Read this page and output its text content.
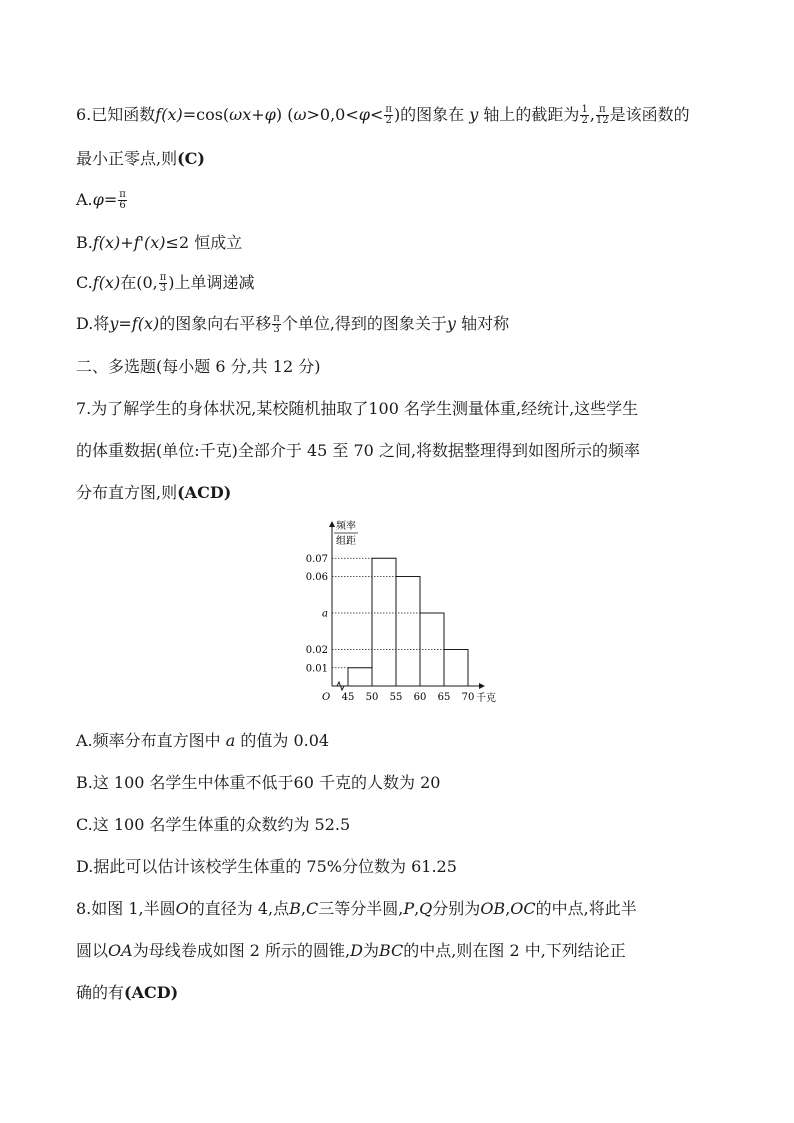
6.已知函数f(x)=cos(ωx+φ) ($\omega>0,0<\varphi< \frac{\pi}{2}$ )的图象在 y 轴上的截距为 $\frac{1}{2}$ , $\frac{\pi}{12}$ 是该函数的
最小正零点,则(C)
$A.\varphi= \frac{\pi}{6}$
B.f(x)+f'(x)≤2 恒成立
C.f(x)在(0, $\frac{\pi}{3}$ )上单调递减
D.将y=f(x)的图象向右平移 $\frac{\pi}{3}$ 个单位,得到的图象关于y 轴对称
二、多选题(每小题 6 分,共 12 分)
7.为了解学生的身体状况,某校随机抽取了100 名学生测量体重,经统计,这些学生
的体重数据(单位:千克)全部介于 45 至 70 之间,将数据整理得到如图所示的频率
分布直方图,则(ACD)
0.07
0.06
a
0.02
0.01
45 50 55 60 65 70
O	千克
频率
组距
A.频率分布直方图中 a 的值为 0.04
B.这 100 名学生中体重不低于60 千克的人数为 20
C.这 100 名学生体重的众数约为 52.5
D.据此可以估计该校学生体重的 75%分位数为 61.25
8.如图 1,半圆O的直径为 4,点B,C三等分半圆,P,Q分别为OB,OC的中点,将此半
圆以OA为母线卷成如图 2 所示的圆锥,D为BC的中点,则在图 2 中,下列结论正
确的有(ACD)
